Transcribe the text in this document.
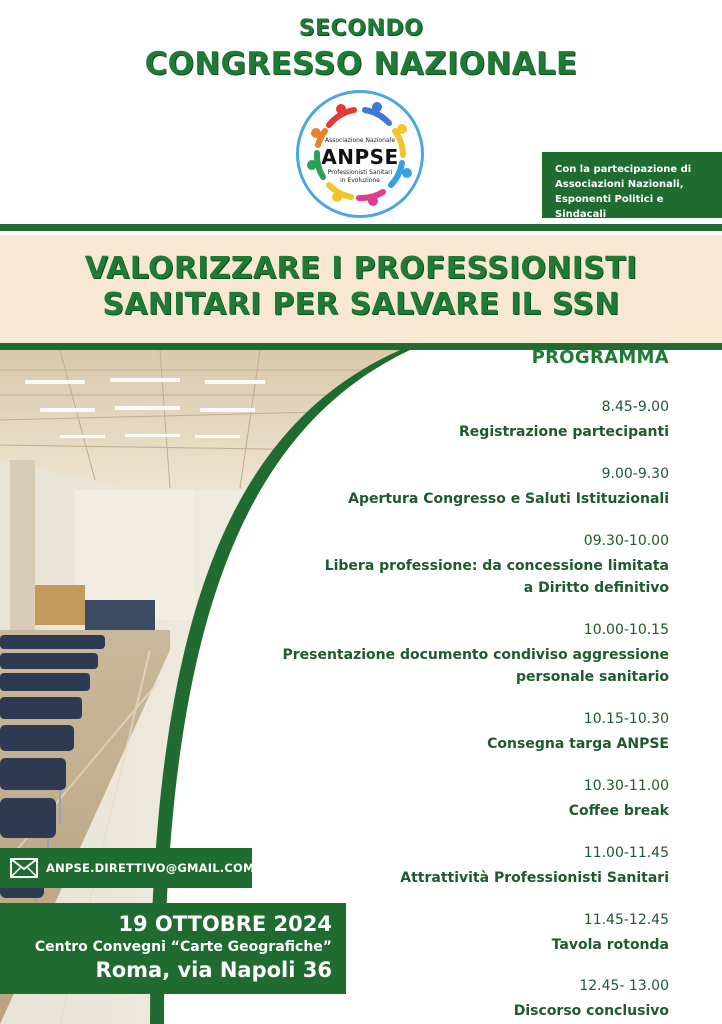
SECONDO
CONGRESSO NAZIONALE
Associazione Nazionale
ANPSE
Professionisti Sanitari
in Evoluzione
Con la partecipazione di
Associazioni Nazionali,
Esponenti Politici e Sindacali
VALORIZZARE I PROFESSIONISTI
SANITARI PER SALVARE IL SSN
PROGRAMMA
8.45-9.00
Registrazione partecipanti
9.00-9.30
Apertura Congresso e Saluti Istituzionali
09.30-10.00
Libera professione: da concessione limitata
a Diritto definitivo
10.00-10.15
Presentazione documento condiviso aggressione
personale sanitario
10.15-10.30
Consegna targa ANPSE
10.30-11.00
Coffee break
11.00-11.45
Attrattività Professionisti Sanitari
11.45-12.45
Tavola rotonda
12.45- 13.00
Discorso conclusivo
ANPSE.DIRETTIVO@GMAIL.COM
19 OTTOBRE 2024
Centro Convegni “Carte Geografiche”
Roma, via Napoli 36
